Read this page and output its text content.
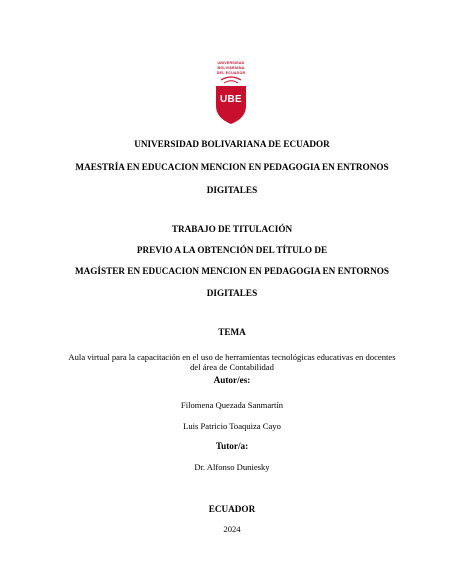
UNIVERSIDAD
BOLIVARIANA
DEL ECUADOR
UBE
UNIVERSIDAD BOLIVARIANA DE ECUADOR
MAESTRÍA EN EDUCACION MENCION EN PEDAGOGIA EN ENTRONOS
DIGITALES
TRABAJO DE TITULACIÓN
PREVIO A LA OBTENCIÓN DEL TÍTULO DE
MAGÍSTER EN EDUCACION MENCION EN PEDAGOGIA EN ENTORNOS
DIGITALES
TEMA
Aula virtual para la capacitación en el uso de herramientas tecnológicas educativas en docentes
del área de Contabilidad
Autor/es:
Filomena Quezada Sanmartín
Luis Patricio Toaquiza Cayo
Tutor/a:
Dr. Alfonso Duniesky
ECUADOR
2024
